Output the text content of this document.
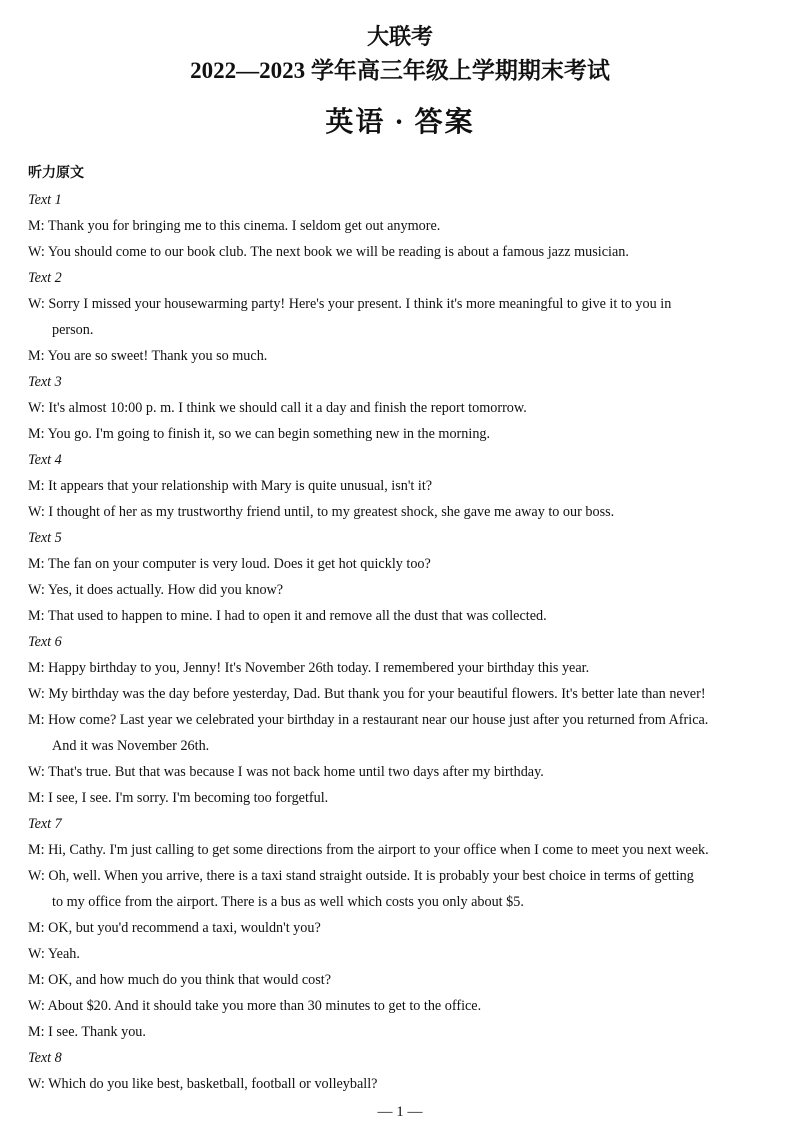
大联考
2022—2023 学年高三年级上学期期末考试
英语 · 答案
听力原文

Text 1

M: Thank you for bringing me to this cinema. I seldom get out anymore.

W: You should come to our book club. The next book we will be reading is about a famous jazz musician.

Text 2

W: Sorry I missed your housewarming party! Here's your present. I think it's more meaningful to give it to you in

person.

M: You are so sweet! Thank you so much.

Text 3

W: It's almost 10:00 p. m. I think we should call it a day and finish the report tomorrow.

M: You go. I'm going to finish it, so we can begin something new in the morning.

Text 4

M: It appears that your relationship with Mary is quite unusual, isn't it?

W: I thought of her as my trustworthy friend until, to my greatest shock, she gave me away to our boss.

Text 5

M: The fan on your computer is very loud. Does it get hot quickly too?

W: Yes, it does actually. How did you know?

M: That used to happen to mine. I had to open it and remove all the dust that was collected.

Text 6

M: Happy birthday to you, Jenny! It's November 26th today. I remembered your birthday this year.

W: My birthday was the day before yesterday, Dad. But thank you for your beautiful flowers. It's better late than never!

M: How come? Last year we celebrated your birthday in a restaurant near our house just after you returned from Africa.

And it was November 26th.

W: That's true. But that was because I was not back home until two days after my birthday.

M: I see, I see. I'm sorry. I'm becoming too forgetful.

Text 7

M: Hi, Cathy. I'm just calling to get some directions from the airport to your office when I come to meet you next week.

W: Oh, well. When you arrive, there is a taxi stand straight outside. It is probably your best choice in terms of getting

to my office from the airport. There is a bus as well which costs you only about $5.

M: OK, but you'd recommend a taxi, wouldn't you?

W: Yeah.

M: OK, and how much do you think that would cost?

W: About $20. And it should take you more than 30 minutes to get to the office.

M: I see. Thank you.

Text 8

W: Which do you like best, basketball, football or volleyball?

— 1 —
